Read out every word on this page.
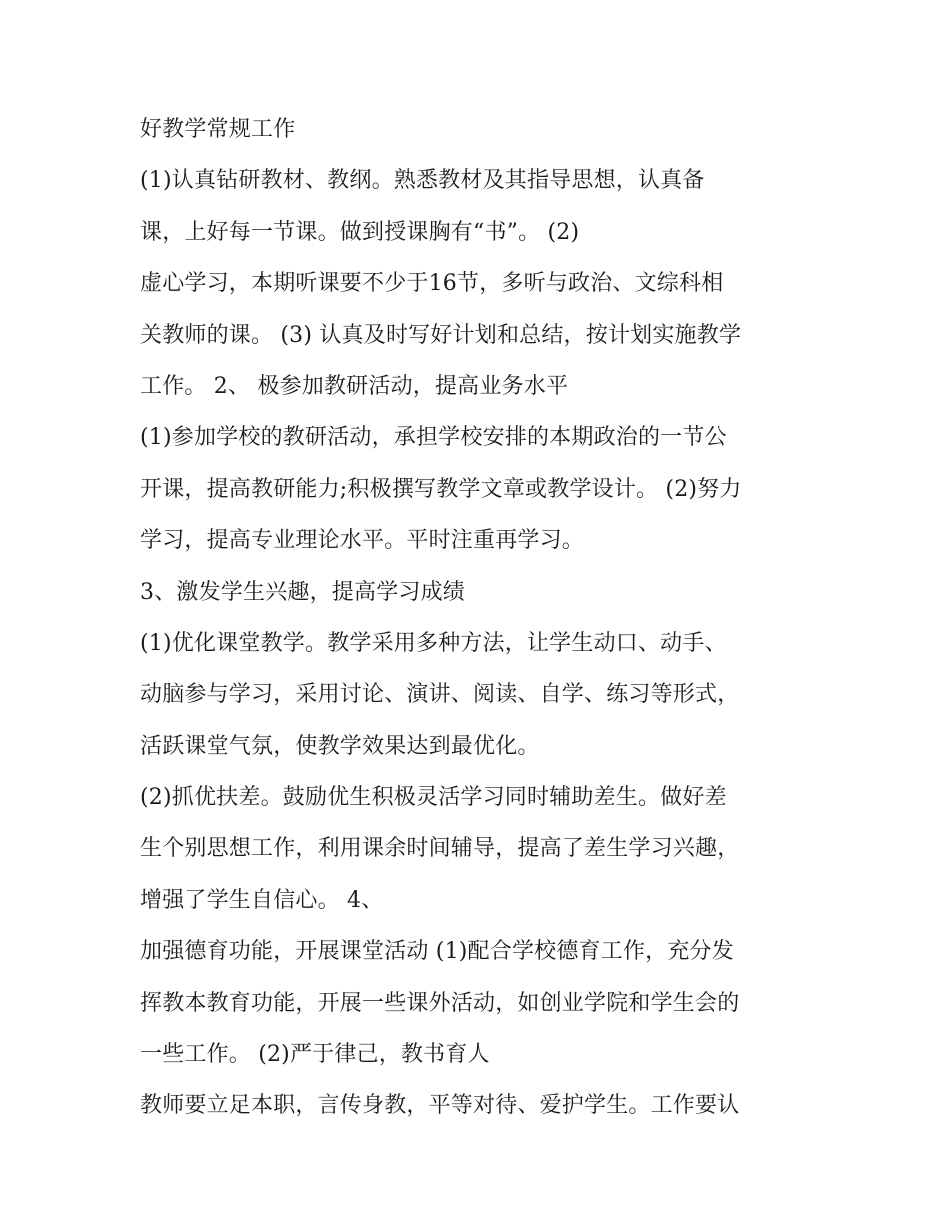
好教学常规工作
(1)认真钻研教材、教纲。熟悉教材及其指导思想，认真备
课，上好每一节课。做到授课胸有“书”。 (2)
虚心学习，本期听课要不少于16节，多听与政治、文综科相
关教师的课。 (3) 认真及时写好计划和总结，按计划实施教学
工作。 2、 极参加教研活动，提高业务水平
(1)参加学校的教研活动，承担学校安排的本期政治的一节公
开课，提高教研能力;积极撰写教学文章或教学设计。 (2)努力
学习，提高专业理论水平。平时注重再学习。
3、激发学生兴趣，提高学习成绩
(1)优化课堂教学。教学采用多种方法，让学生动口、动手、
动脑参与学习，采用讨论、演讲、阅读、自学、练习等形式，
活跃课堂气氛，使教学效果达到最优化。
(2)抓优扶差。鼓励优生积极灵活学习同时辅助差生。做好差
生个别思想工作，利用课余时间辅导，提高了差生学习兴趣，
增强了学生自信心。 4、
加强德育功能，开展课堂活动 (1)配合学校德育工作，充分发
挥教本教育功能，开展一些课外活动，如创业学院和学生会的
一些工作。 (2)严于律己，教书育人
教师要立足本职，言传身教，平等对待、爱护学生。工作要认
